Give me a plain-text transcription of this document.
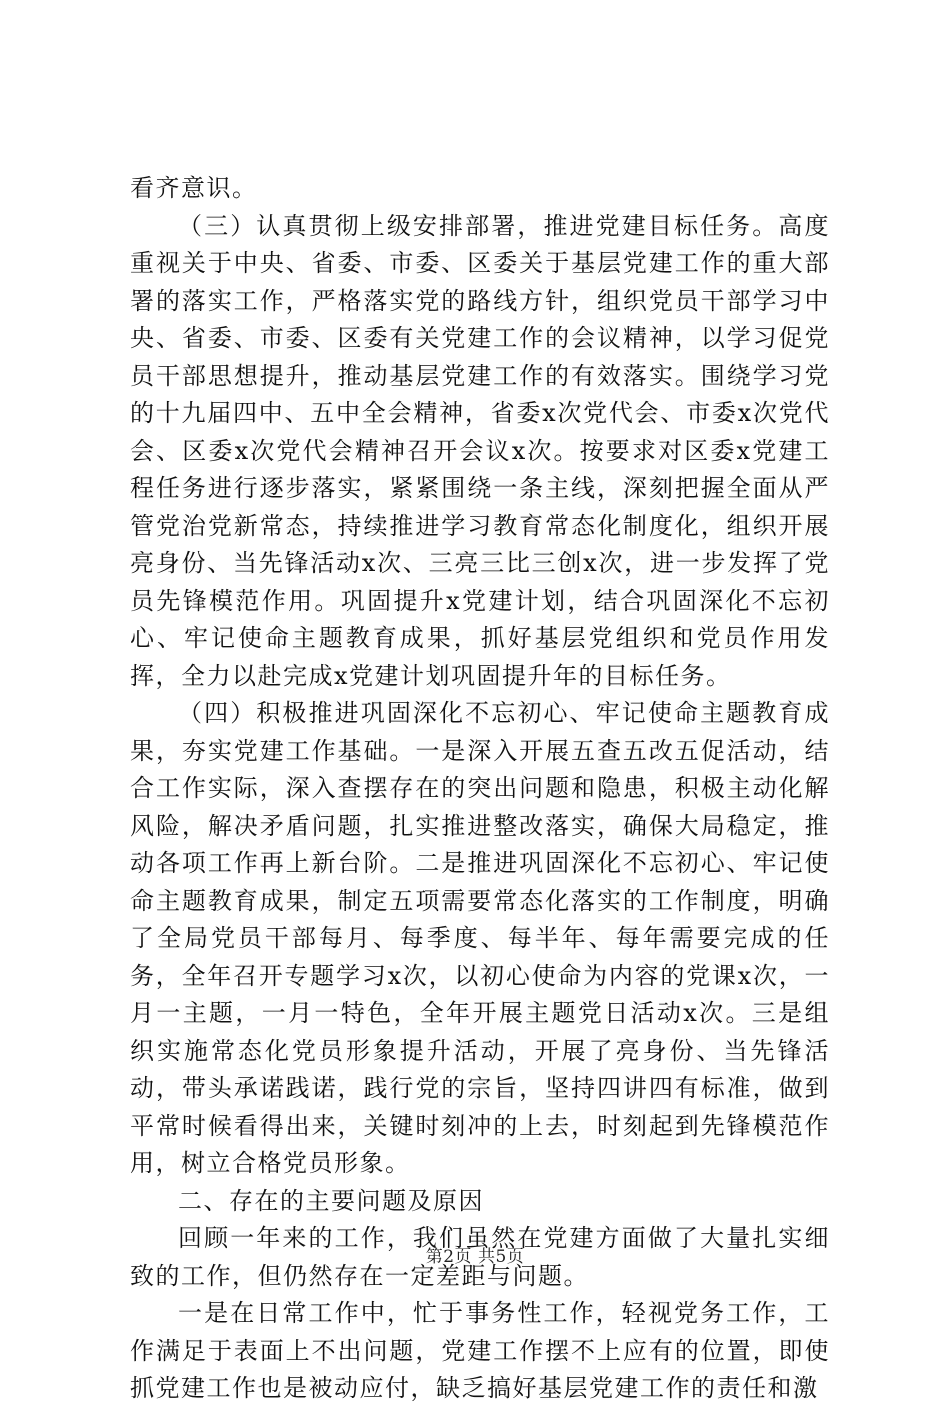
看齐意识。

（三）认真贯彻上级安排部署，推进党建目标任务。高度重视关于中央、省委、市委、区委关于基层党建工作的重大部署的落实工作，严格落实党的路线方针，组织党员干部学习中央、省委、市委、区委有关党建工作的会议精神，以学习促党员干部思想提升，推动基层党建工作的有效落实。围绕学习党的十九届四中、五中全会精神，省委x次党代会、市委x次党代会、区委x次党代会精神召开会议x次。按要求对区委x党建工程任务进行逐步落实，紧紧围绕一条主线，深刻把握全面从严管党治党新常态，持续推进学习教育常态化制度化，组织开展亮身份、当先锋活动x次、三亮三比三创x次，进一步发挥了党员先锋模范作用。巩固提升x党建计划，结合巩固深化不忘初心、牢记使命主题教育成果，抓好基层党组织和党员作用发挥，全力以赴完成x党建计划巩固提升年的目标任务。

（四）积极推进巩固深化不忘初心、牢记使命主题教育成果，夯实党建工作基础。一是深入开展五查五改五促活动，结合工作实际，深入查摆存在的突出问题和隐患，积极主动化解风险，解决矛盾问题，扎实推进整改落实，确保大局稳定，推动各项工作再上新台阶。二是推进巩固深化不忘初心、牢记使命主题教育成果，制定五项需要常态化落实的工作制度，明确了全局党员干部每月、每季度、每半年、每年需要完成的任务，全年召开专题学习x次，以初心使命为内容的党课x次，一月一主题，一月一特色，全年开展主题党日活动x次。三是组织实施常态化党员形象提升活动，开展了亮身份、当先锋活动，带头承诺践诺，践行党的宗旨，坚持四讲四有标准，做到平常时候看得出来，关键时刻冲的上去，时刻起到先锋模范作用，树立合格党员形象。

二、存在的主要问题及原因

回顾一年来的工作，我们虽然在党建方面做了大量扎实细致的工作，但仍然存在一定差距与问题。

一是在日常工作中，忙于事务性工作，轻视党务工作，工作满足于表面上不出问题，党建工作摆不上应有的位置，即使抓党建工作也是被动应付，缺乏搞好基层党建工作的责任和激

第2页 共5页
